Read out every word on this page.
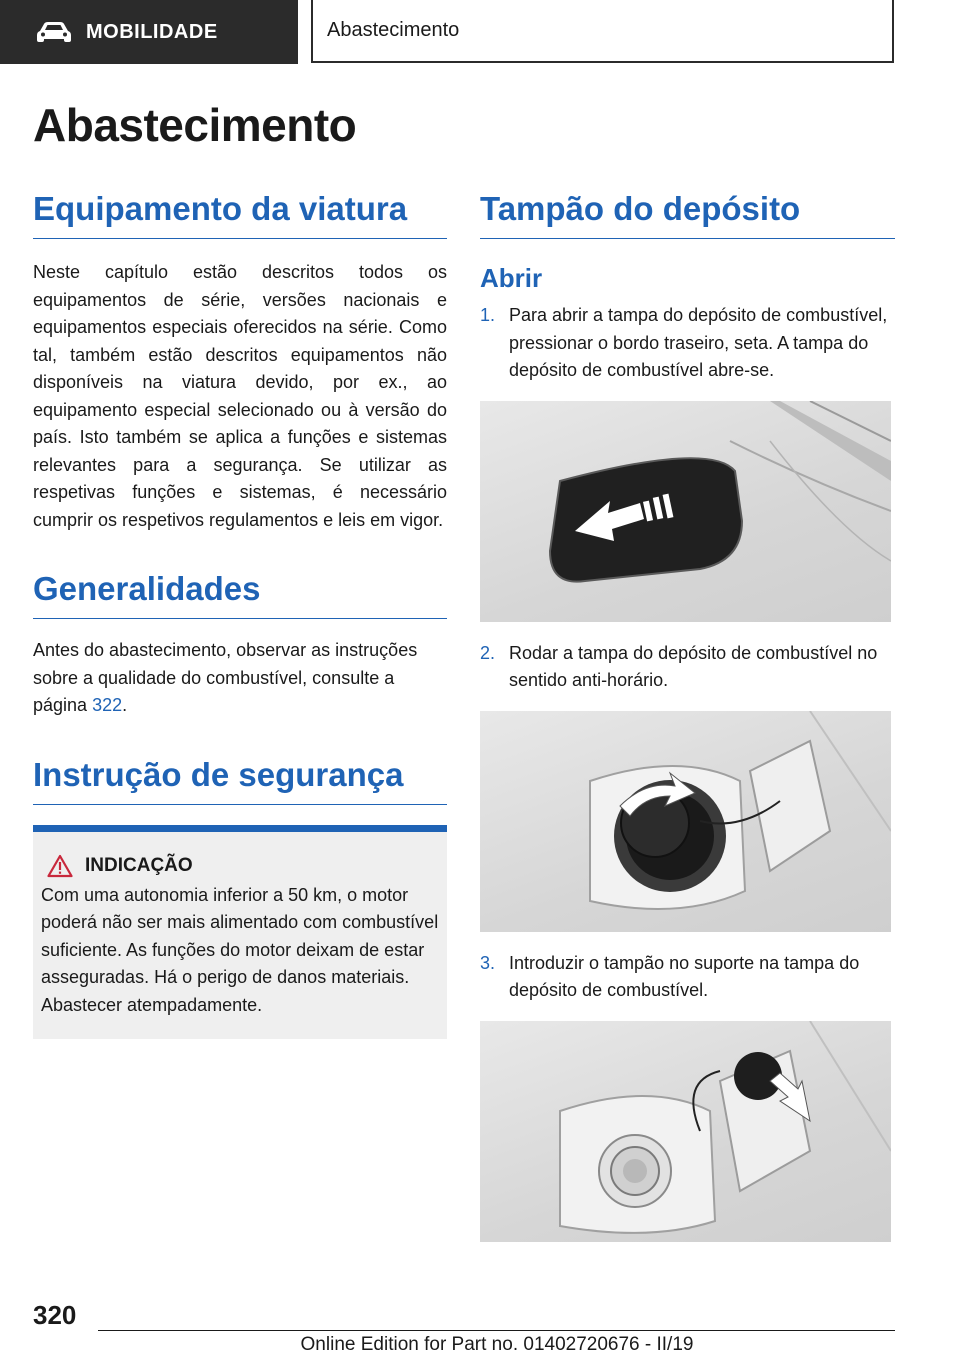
MOBILIDADE	Abastecimento
Abastecimento
Equipamento da viatura

Neste capítulo estão descritos todos os equipamentos de série, versões nacionais e equipamentos especiais oferecidos na série. Como tal, também estão descritos equipamentos não disponíveis na viatura devido, por ex., ao equipamento especial selecionado ou à versão do país. Isto também se aplica a funções e sistemas relevantes para a segurança. Se utilizar as respetivas funções e sistemas, é necessário cumprir os respetivos regulamentos e leis em vigor.

Generalidades

Antes do abastecimento, observar as instruções sobre a qualidade do combustível, consulte a página 322.

Instrução de segurança
INDICAÇÃO

Com uma autonomia inferior a 50 km, o motor poderá não ser mais alimentado com combustível suficiente. As funções do motor deixam de estar asseguradas. Há o perigo de danos materiais. Abastecer atempadamente.

Tampão do depósito
Abrir
1. Para abrir a tampa do depósito de combustível, pressionar o bordo traseiro, seta. A tampa do depósito de combustível abre-se.
2. Rodar a tampa do depósito de combustível no sentido anti-horário.
3. Introduzir o tampão no suporte na tampa do depósito de combustível.
320
Online Edition for Part no. 01402720676 - II/19
